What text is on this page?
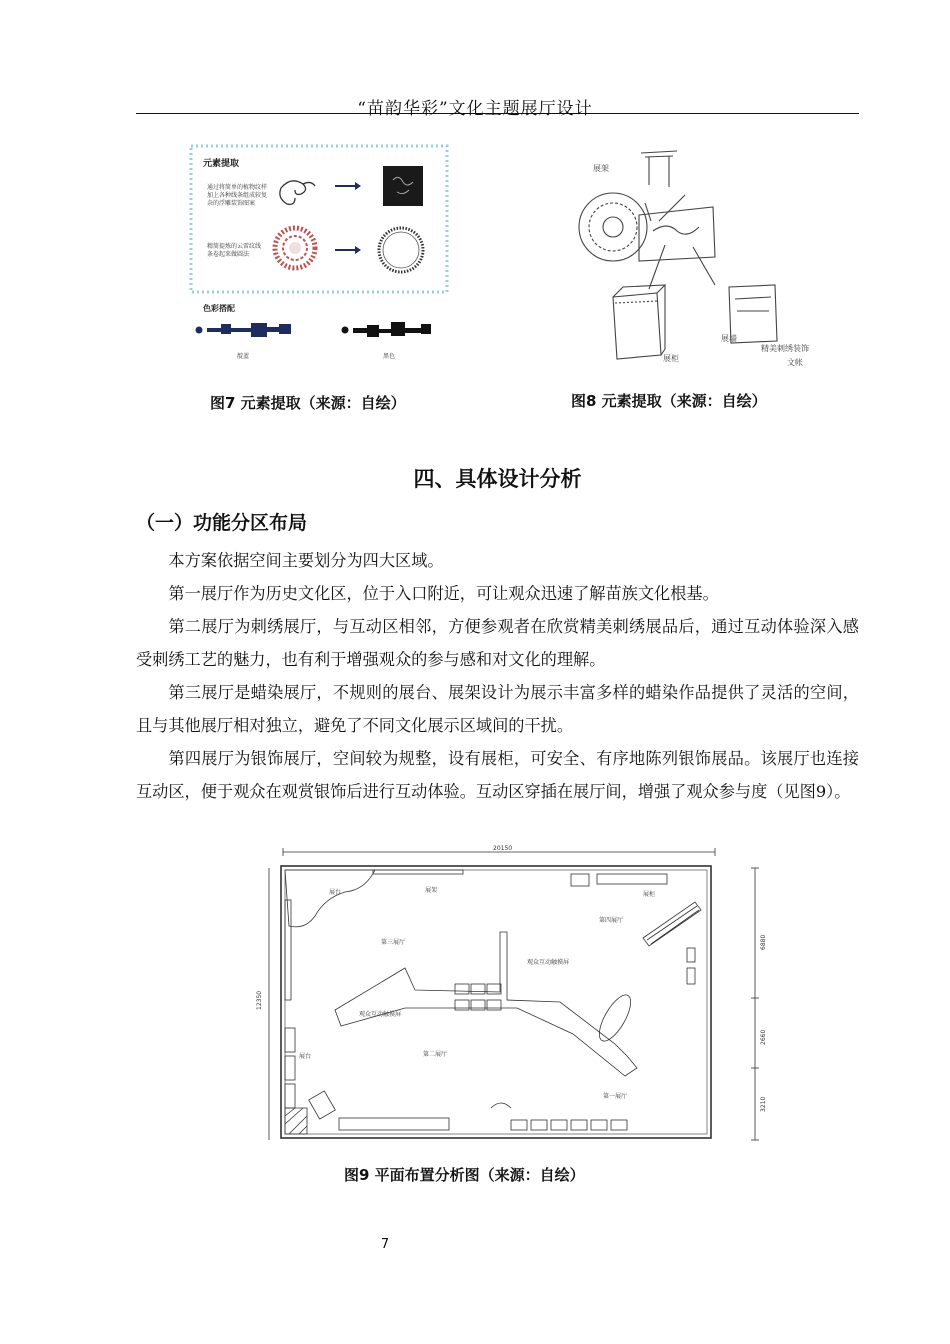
“苗韵华彩”文化主题展厅设计
元素提取
通过将简单的植物纹样
加上各种线条组成较复
杂的浮雕装饰图案
精简提炼的云雷纹线
条卷起来做圆法
色彩搭配
靛蓝	黑色
图7 元素提取（来源：自绘）
展架
展柜
展墙
精美刺绣装饰
文帐
图8 元素提取（来源：自绘）
四、具体设计分析
（一）功能分区布局

本方案依据空间主要划分为四大区域。

第一展厅作为历史文化区，位于入口附近，可让观众迅速了解苗族文化根基。

第二展厅为刺绣展厅，与互动区相邻，方便参观者在欣赏精美刺绣展品后，通过互动体验深入感受刺绣工艺的魅力，也有利于增强观众的参与感和对文化的理解。

第三展厅是蜡染展厅，不规则的展台、展架设计为展示丰富多样的蜡染作品提供了灵活的空间，且与其他展厅相对独立，避免了不同文化展示区域间的干扰。

第四展厅为银饰展厅，空间较为规整，设有展柜，可安全、有序地陈列银饰展品。该展厅也连接互动区，便于观众在观赏银饰后进行互动体验。互动区穿插在展厅间，增强了观众参与度（见图9）。

20150
12350
6880
2660
3210
展台	展架
展柜
第三展厅
第四展厅
观众互动触摸屏
观众互动触摸屏
第二展厅
展台
第一展厅
图9 平面布置分析图（来源：自绘）
7
